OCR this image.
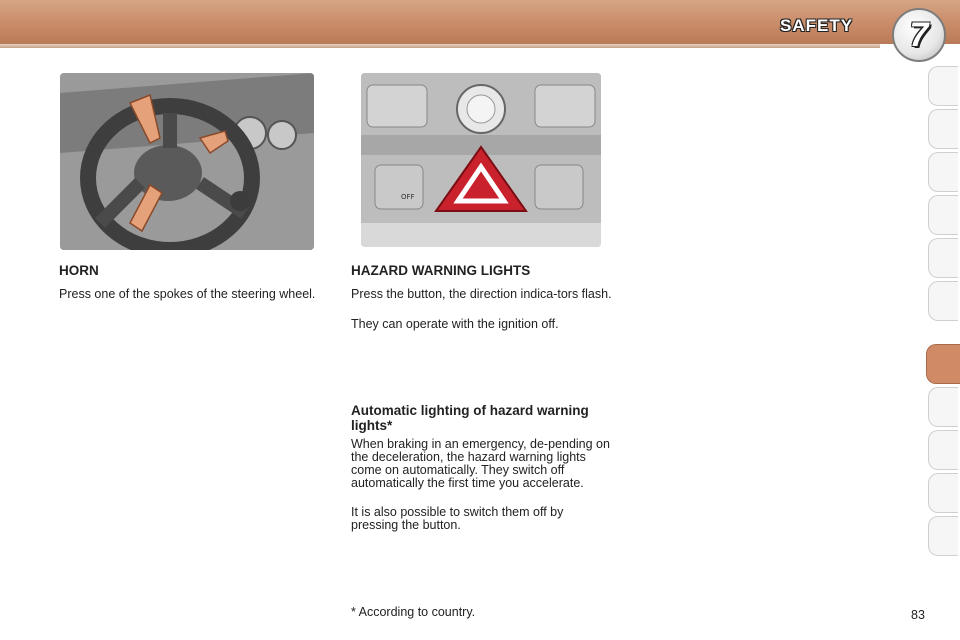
SAFETY 7
OFF
HORN

Press one of the spokes of the steering wheel.

HAZARD WARNING LIGHTS

Press the button, the direction indica-tors flash.

They can operate with the ignition off.

Automatic lighting of hazard warning lights*

When braking in an emergency, de-pending on the deceleration, the hazard warning lights come on automatically. They switch off automatically the first time you accelerate.

It is also possible to switch them off by pressing the button.

* According to country.	83
